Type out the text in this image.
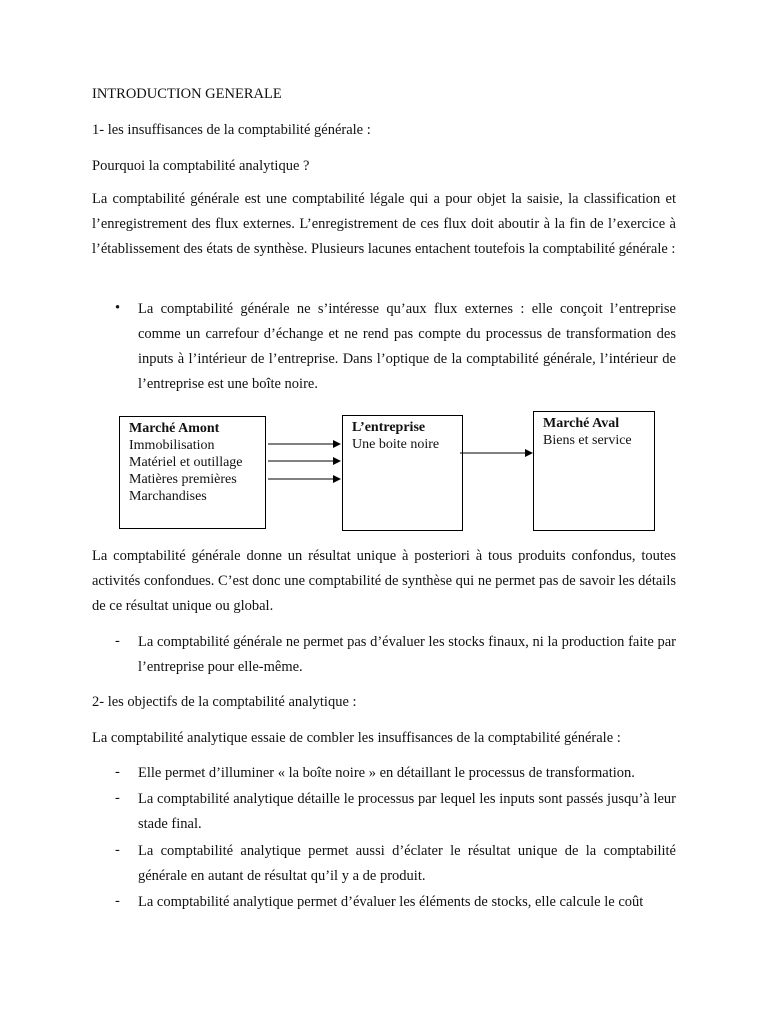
INTRODUCTION GENERALE
1- les insuffisances de la comptabilité générale :
Pourquoi la comptabilité analytique ?
La comptabilité générale est une comptabilité légale qui a pour objet la saisie, la classification et l’enregistrement des flux externes. L’enregistrement de ces flux doit aboutir à la fin de l’exercice à l’établissement des états de synthèse. Plusieurs lacunes entachent toutefois la comptabilité générale :
• La comptabilité générale ne s’intéresse qu’aux flux externes : elle conçoit l’entreprise comme un carrefour d’échange et ne rend pas compte du processus de transformation des inputs à l’intérieur de l’entreprise. Dans l’optique de la comptabilité générale, l’intérieur de l’entreprise est une boîte noire.
Marché Amont
Immobilisation
Matériel et outillage
Matières premières
Marchandises
L’entreprise
Une boite noire
Marché Aval
Biens et service
La comptabilité générale donne un résultat unique à posteriori à tous produits confondus, toutes activités confondues. C’est donc une comptabilité de synthèse qui ne permet pas de savoir les détails de ce résultat unique ou global.
- La comptabilité générale ne permet pas d’évaluer les stocks finaux, ni la production faite par l’entreprise pour elle-même.
2- les objectifs de la comptabilité analytique :
La comptabilité analytique essaie de combler les insuffisances de la comptabilité générale :
- Elle permet d’illuminer « la boîte noire » en détaillant le processus de transformation.
- La comptabilité analytique détaille le processus par lequel les inputs sont passés jusqu’à leur stade final.
- La comptabilité analytique permet aussi d’éclater le résultat unique de la comptabilité générale en autant de résultat qu’il y a de produit.
- La comptabilité analytique permet d’évaluer les éléments de stocks, elle calcule le coût
